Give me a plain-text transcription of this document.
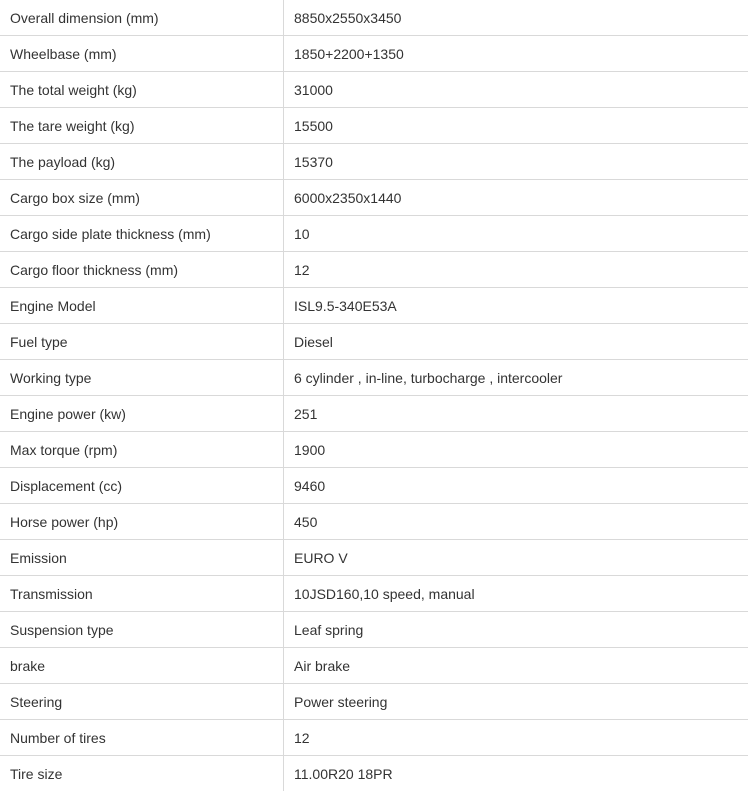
Overall dimension (mm)	8850x2550x3450
Wheelbase (mm)	1850+2200+1350
The total weight (kg)	31000
The tare weight (kg)	15500
The payload (kg)	15370
Cargo box size (mm)	6000x2350x1440
Cargo side plate thickness (mm)	10
Cargo floor thickness (mm)	12
Engine Model	ISL9.5-340E53A
Fuel type	Diesel
Working type	6 cylinder , in-line, turbocharge , intercooler
Engine power (kw)	251
Max torque (rpm)	1900
Displacement (cc)	9460
Horse power (hp)	450
Emission	EURO V
Transmission	10JSD160,10 speed, manual
Suspension type	Leaf spring
brake	Air brake
Steering	Power steering
Number of tires	12
Tire size	11.00R20 18PR
